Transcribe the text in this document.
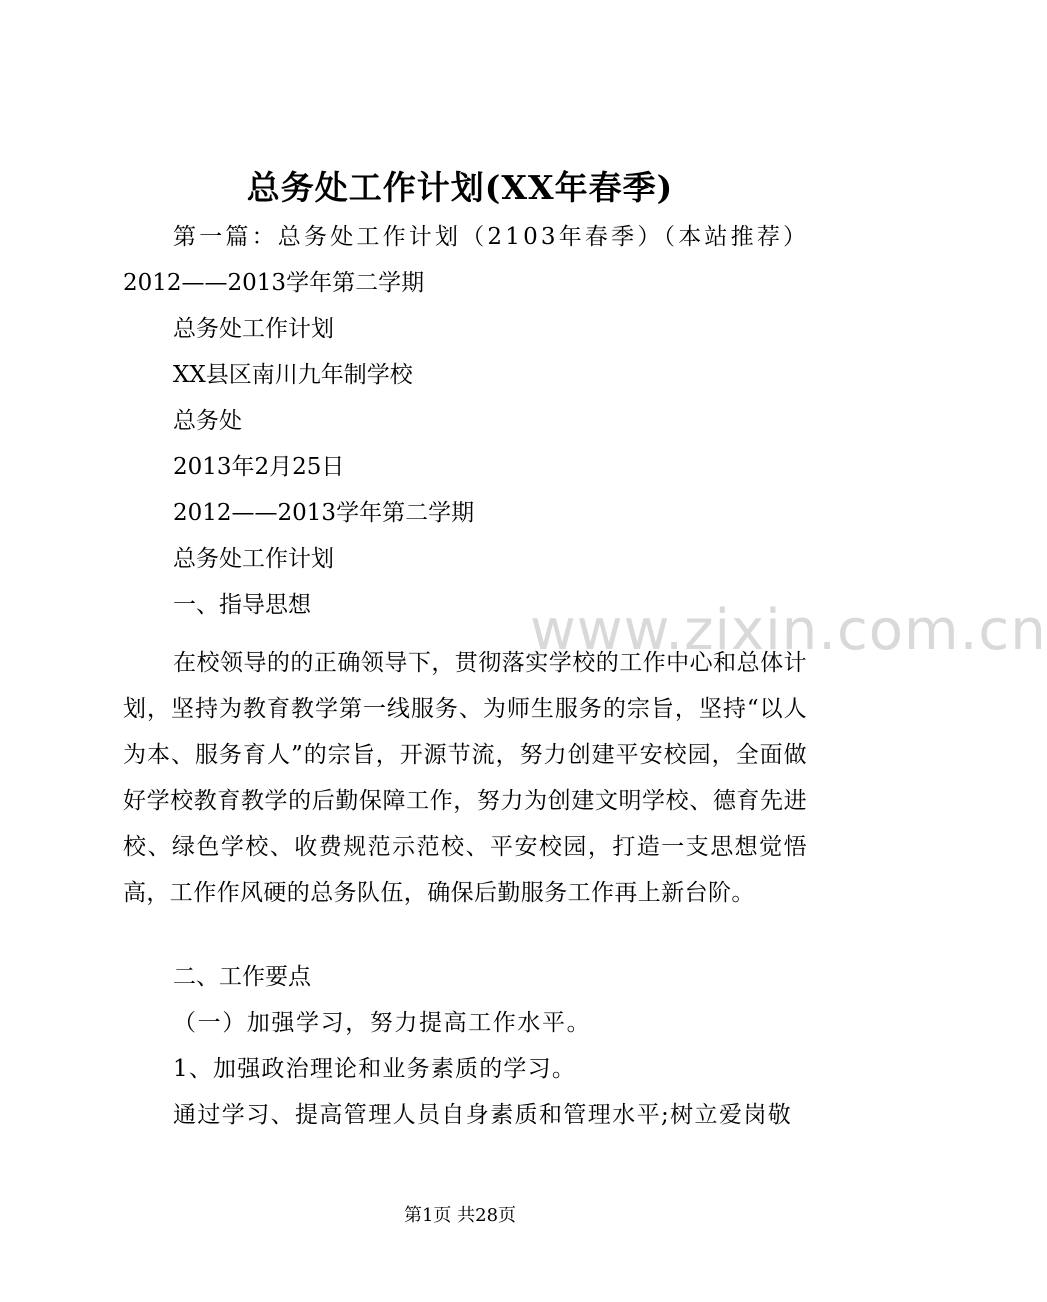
www.zixin.com.cn
总务处工作计划(XX年春季)
第一篇：总务处工作计划（2103年春季）（本站推荐）
2012——2013学年第二学期
总务处工作计划
XX县区南川九年制学校
总务处
2013年2月25日
2012——2013学年第二学期
总务处工作计划
一、指导思想
在校领导的的正确领导下，贯彻落实学校的工作中心和总体计划，坚持为教育教学第一线服务、为师生服务的宗旨，坚持“以人为本、服务育人”的宗旨，开源节流，努力创建平安校园，全面做好学校教育教学的后勤保障工作，努力为创建文明学校、德育先进校、绿色学校、收费规范示范校、平安校园，打造一支思想觉悟高，工作作风硬的总务队伍，确保后勤服务工作再上新台阶。
二、工作要点
（一）加强学习，努力提高工作水平。
1、加强政治理论和业务素质的学习。
通过学习、提高管理人员自身素质和管理水平;树立爱岗敬
第1页 共28页
